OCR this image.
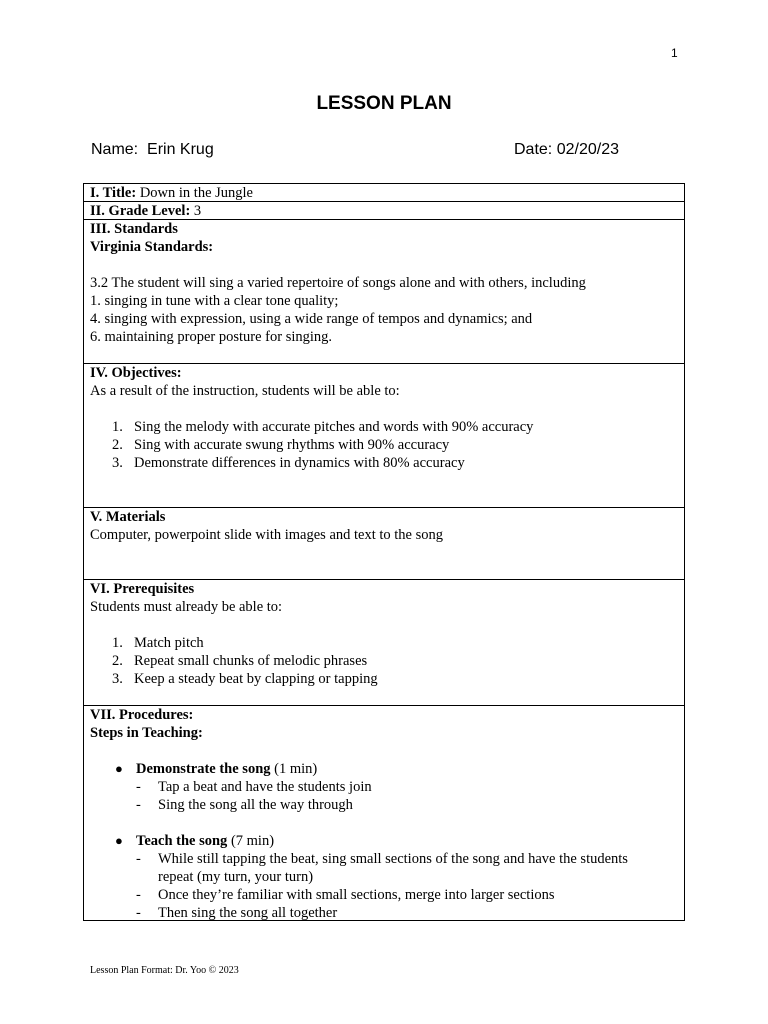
1
LESSON PLAN
Name: Erin Krug	Date: 02/20/23
I. Title: Down in the Jungle
II. Grade Level: 3
III. Standards
Virginia Standards:
3.2 The student will sing a varied repertoire of songs alone and with others, including
1. singing in tune with a clear tone quality;
4. singing with expression, using a wide range of tempos and dynamics; and
6. maintaining proper posture for singing.
IV. Objectives:
As a result of the instruction, students will be able to:
1. Sing the melody with accurate pitches and words with 90% accuracy
2. Sing with accurate swung rhythms with 90% accuracy
3. Demonstrate differences in dynamics with 80% accuracy
V. Materials
Computer, powerpoint slide with images and text to the song
VI. Prerequisites
Students must already be able to:
1. Match pitch
2. Repeat small chunks of melodic phrases
3. Keep a steady beat by clapping or tapping
VII. Procedures:
Steps in Teaching:
● Demonstrate the song (1 min)
- Tap a beat and have the students join
- Sing the song all the way through
● Teach the song (7 min)
- While still tapping the beat, sing small sections of the song and have the students repeat (my turn, your turn)
- Once they’re familiar with small sections, merge into larger sections
- Then sing the song all together
Lesson Plan Format: Dr. Yoo © 2023
